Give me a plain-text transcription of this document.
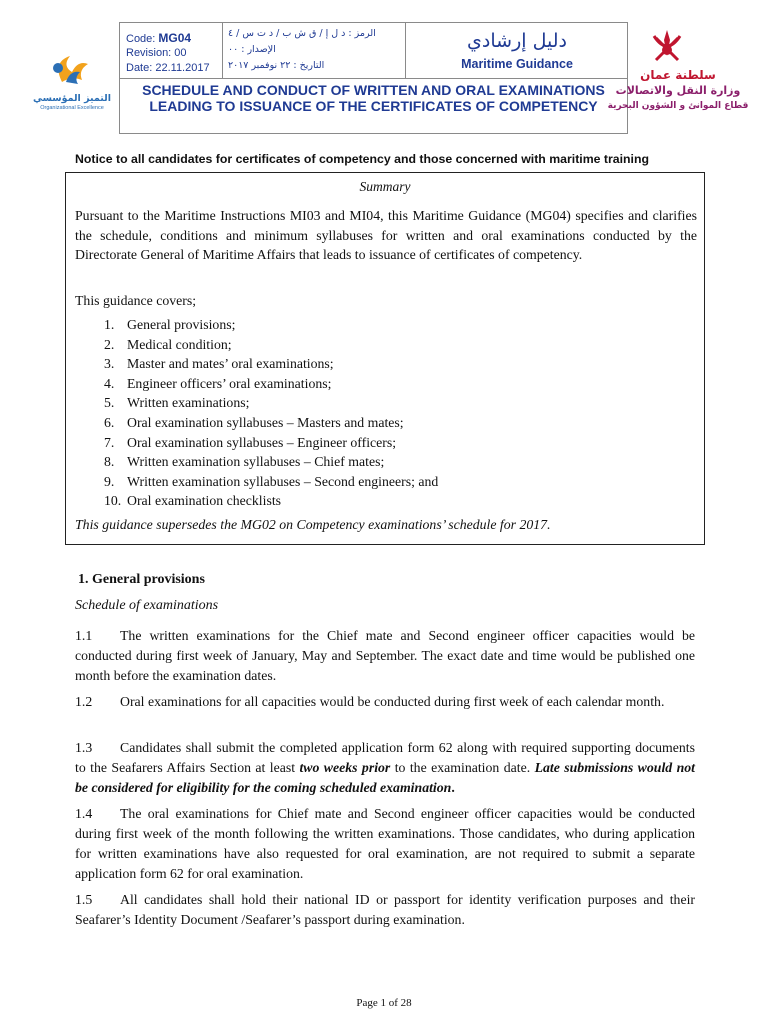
التميز المؤسسي
Organizational Excellence
Code: MG04
Revision: 00
Date: 22.11.2017
الرمز : د ل إ / ق ش ب / د ت س / ٤
الإصدار : ٠٠
التاريخ : ٢٢ نوفمبر ٢٠١٧
دليل إرشادي
Maritime Guidance
SCHEDULE AND CONDUCT OF WRITTEN AND ORAL EXAMINATIONS LEADING TO ISSUANCE OF THE CERTIFICATES OF COMPETENCY
سلطنة عمان
وزارة النقل والاتصالات
قطاع الموانئ و الشؤون البحرية
Notice to all candidates for certificates of competency and those concerned with maritime training
Summary
Pursuant to the Maritime Instructions MI03 and MI04, this Maritime Guidance (MG04) specifies and clarifies the schedule, conditions and minimum syllabuses for written and oral examinations conducted by the Directorate General of Maritime Affairs that leads to issuance of certificates of competency.
This guidance covers;
1. General provisions;
2. Medical condition;
3. Master and mates’ oral examinations;
4. Engineer officers’ oral examinations;
5. Written examinations;
6. Oral examination syllabuses – Masters and mates;
7. Oral examination syllabuses – Engineer officers;
8. Written examination syllabuses – Chief mates;
9. Written examination syllabuses – Second engineers; and
10. Oral examination checklists
This guidance supersedes the MG02 on Competency examinations’ schedule for 2017.
1. General provisions
Schedule of examinations
1.1 The written examinations for the Chief mate and Second engineer officer capacities would be conducted during first week of January, May and September. The exact date and time would be published one month before the examination dates.
1.2 Oral examinations for all capacities would be conducted during first week of each calendar month.
1.3 Candidates shall submit the completed application form 62 along with required supporting documents to the Seafarers Affairs Section at least two weeks prior to the examination date. Late submissions would not be considered for eligibility for the coming scheduled examination.
1.4 The oral examinations for Chief mate and Second engineer officer capacities would be conducted during first week of the month following the written examinations. Those candidates, who during application for written examinations have also requested for oral examination, are not required to submit a separate application form 62 for oral examination.
1.5 All candidates shall hold their national ID or passport for identity verification purposes and their Seafarer’s Identity Document /Seafarer’s passport during examination.
Page 1 of 28
